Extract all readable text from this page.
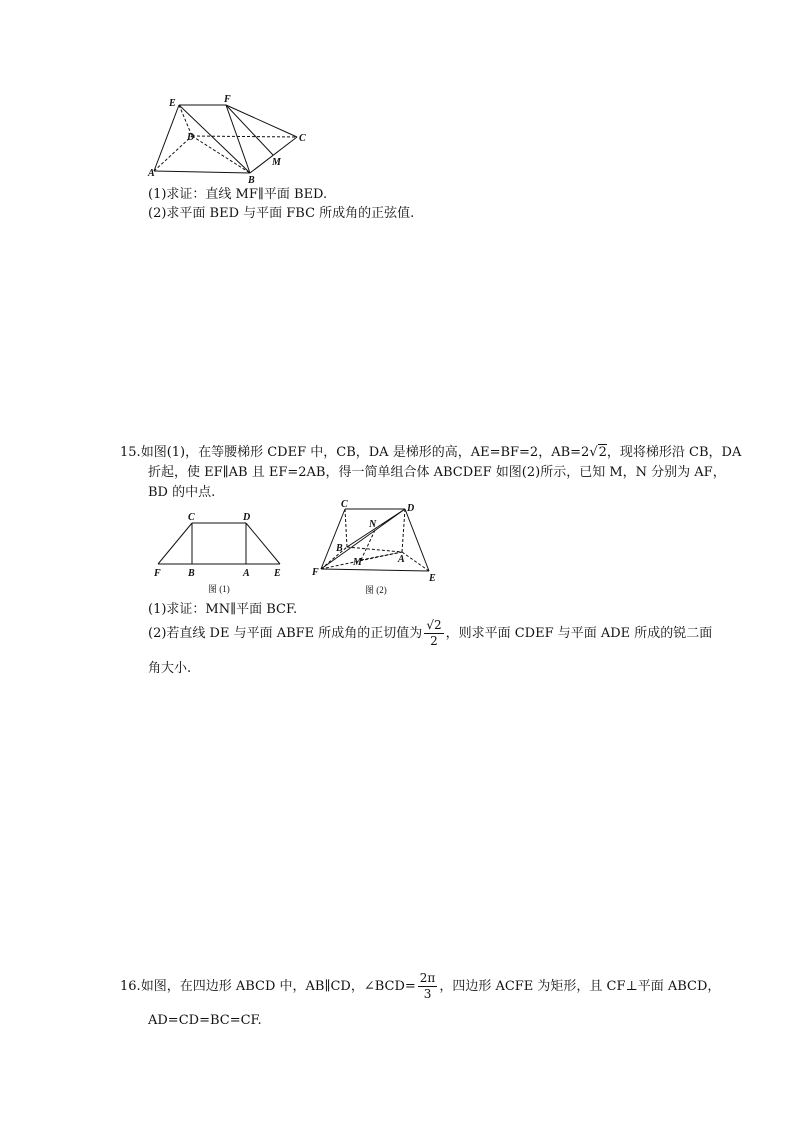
E	F
D	C
M
A
B
(1)求证：直线 MF∥平面 BED.
(2)求平面 BED 与平面 FBC 所成角的正弦值.
15.如图(1)，在等腰梯形 CDEF 中，CB，DA 是梯形的高，AE=BF=2，AB=2√2，现将梯形沿 CB，DA
折起，使 EF∥AB 且 EF=2AB，得一简单组合体 ABCDEF 如图(2)所示，已知 M，N 分别为 AF，
BD 的中点.
C	D
F	B	A E
图 (1)
C	D
N
B
M	A
F
E
图 (2)
(1)求证：MN∥平面 BCF.
(2)若直线 DE 与平面 ABFE 所成角的正切值为 $\frac{√2}{2}$ ，则求平面 CDEF 与平面 ADE 所成的锐二面
角大小.
16.如图，在四边形 ABCD 中，AB∥CD，∠BCD= $\frac{2\pi}{3}$ ，四边形 ACFE 为矩形，且 CF⊥平面 ABCD，
AD=CD=BC=CF.
